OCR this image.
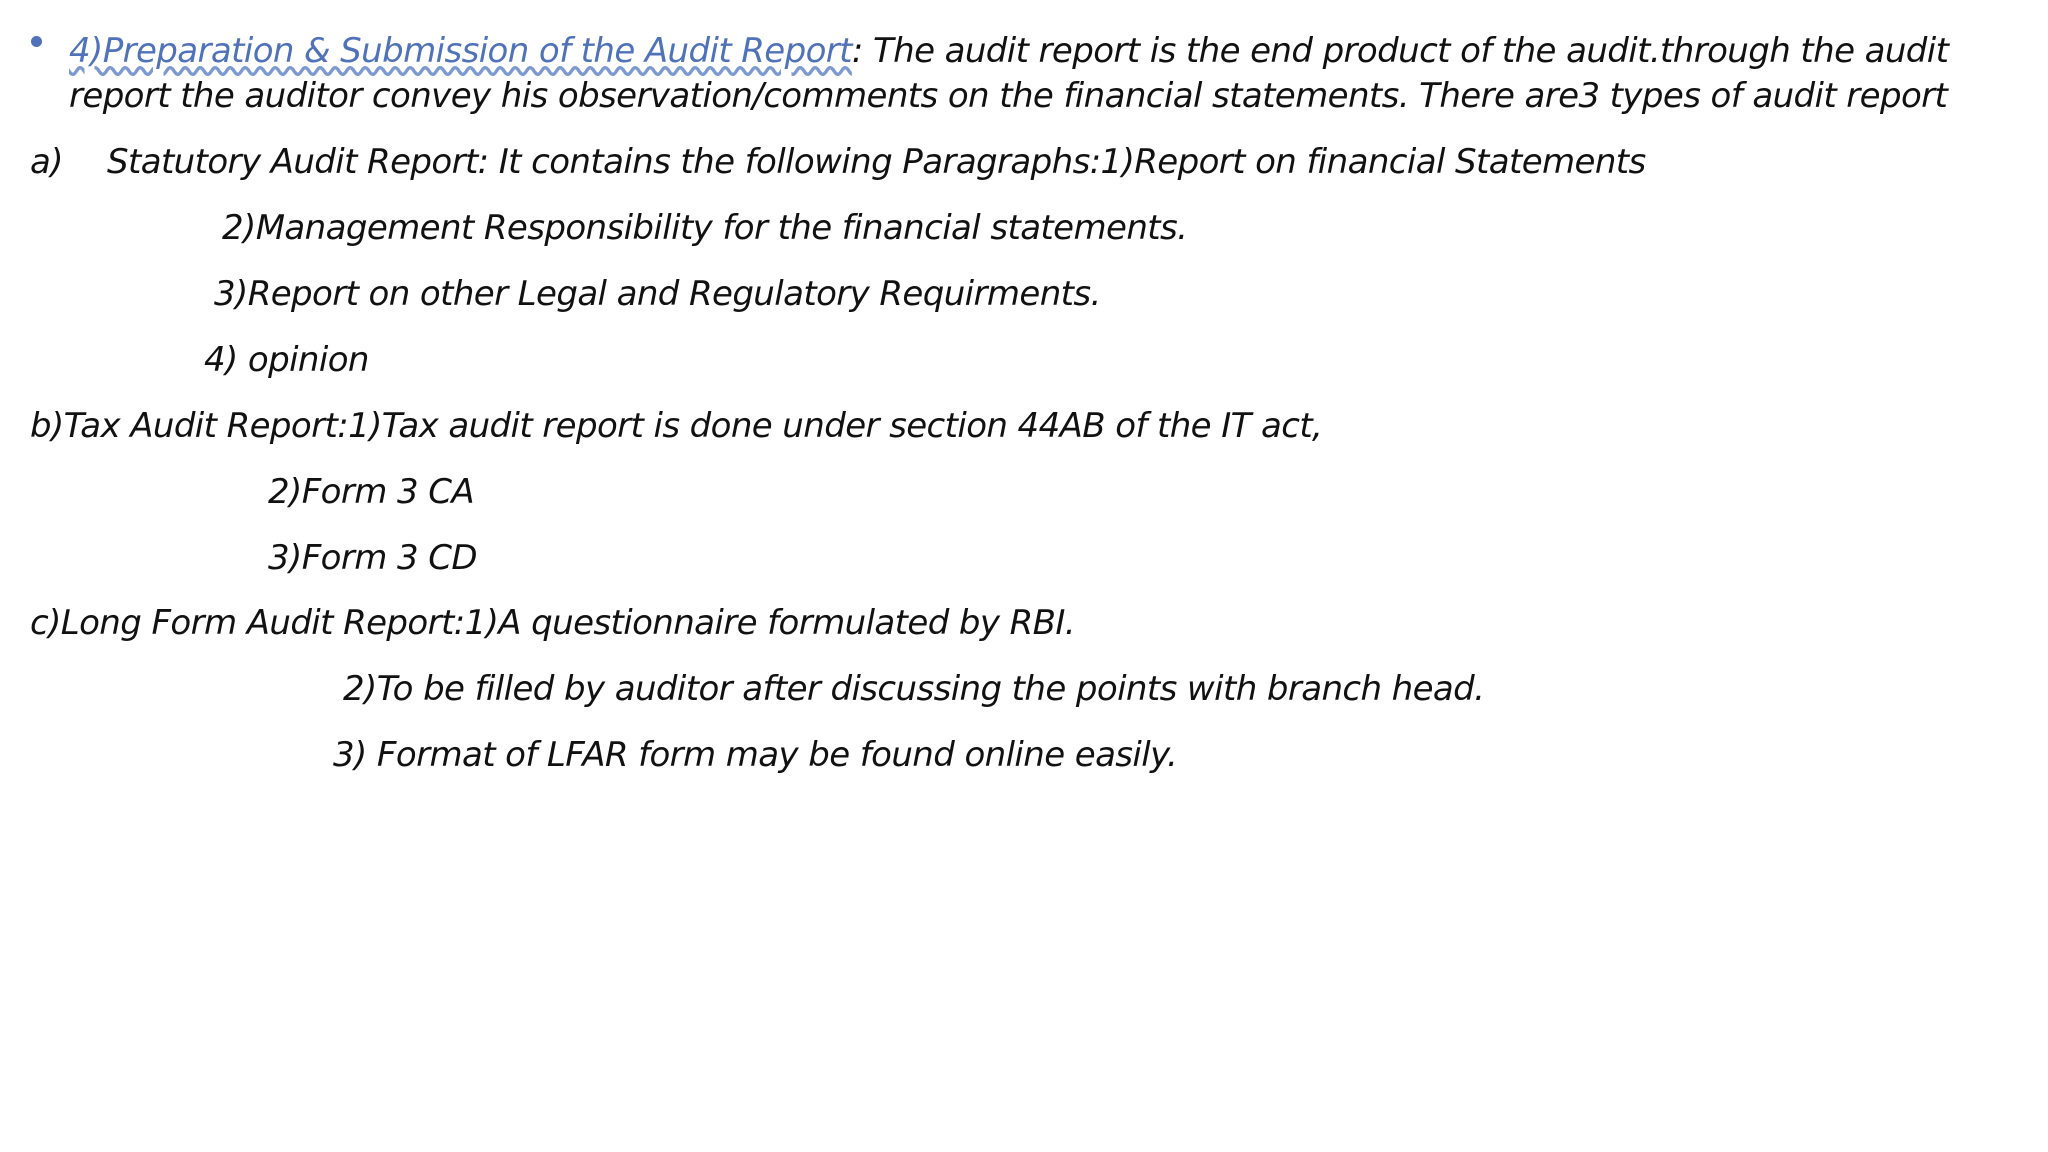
4)Preparation & Submission of the Audit Report: The audit report is the end product of the audit.through the audit
report the auditor convey his observation/comments on the financial statements. There are3 types of audit report
a) Statutory Audit Report: It contains the following Paragraphs:1)Report on financial Statements
2)Management Responsibility for the financial statements.
3)Report on other Legal and Regulatory Requirments.
4) opinion
b)Tax Audit Report:1)Tax audit report is done under section 44AB of the IT act,
2)Form 3 CA
3)Form 3 CD
c)Long Form Audit Report:1)A questionnaire formulated by RBI.
2)To be filled by auditor after discussing the points with branch head.
3) Format of LFAR form may be found online easily.
